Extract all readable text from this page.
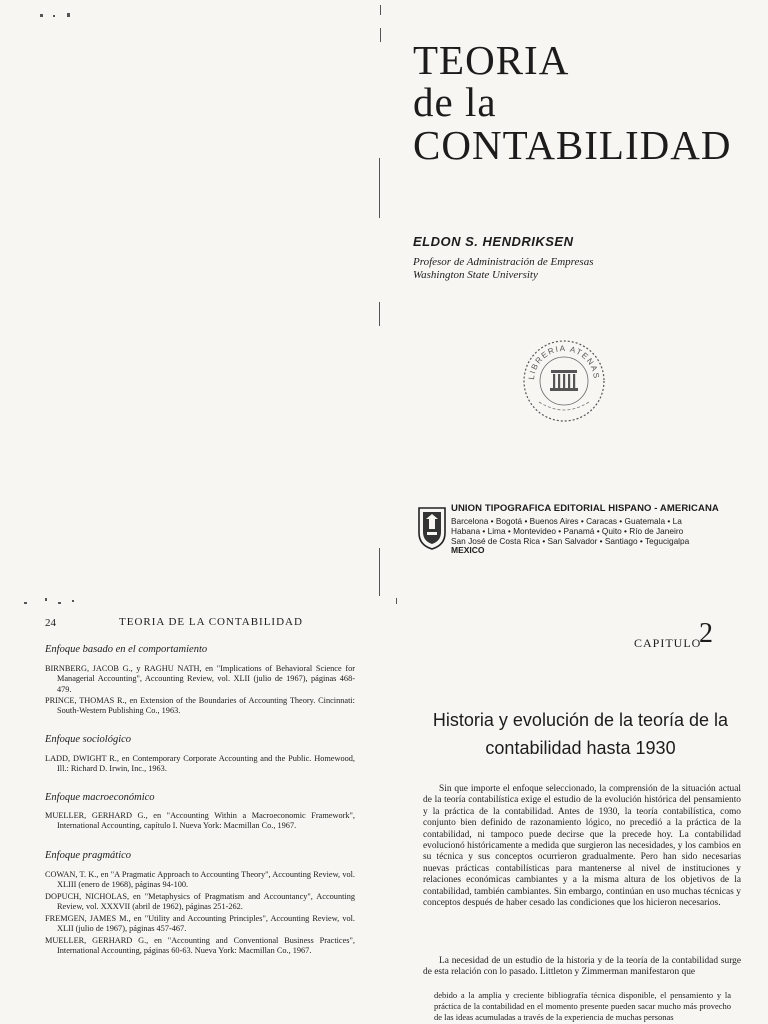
TEORIA
de la
CONTABILIDAD
ELDON S. HENDRIKSEN
Profesor de Administración de Empresas
Washington State University
LIBRERIA ATENAS
UNION TIPOGRAFICA EDITORIAL HISPANO - AMERICANA
Barcelona • Bogotá • Buenos Aires • Caracas • Guatemala • La
Habana • Lima • Montevideo • Panamá • Quito • Río de Janeiro
San José de Costa Rica • San Salvador • Santiago • Tegucigalpa
MEXICO
24	TEORIA DE LA CONTABILIDAD
Enfoque basado en el comportamiento
BIRNBERG, JACOB G., y RAGHU NATH, en "Implications of Behavioral Science for Managerial Accounting", Accounting Review, vol. XLII (julio de 1967), páginas 468-479.
PRINCE, THOMAS R., en Extension of the Boundaries of Accounting Theory. Cincinnati: South-Western Publishing Co., 1963.
Enfoque sociológico
LADD, DWIGHT R., en Contemporary Corporate Accounting and the Public. Homewood, Ill.: Richard D. Irwin, Inc., 1963.
Enfoque macroeconómico
MUELLER, GERHARD G., en "Accounting Within a Macroeconomic Framework", International Accounting, capítulo I. Nueva York: Macmillan Co., 1967.
Enfoque pragmático
COWAN, T. K., en "A Pragmatic Approach to Accounting Theory", Accounting Review, vol. XLIII (enero de 1968), páginas 94-100.
DOPUCH, NICHOLAS, en "Metaphysics of Pragmatism and Accountancy", Accounting Review, vol. XXXVII (abril de 1962), páginas 251-262.
FREMGEN, JAMES M., en "Utility and Accounting Principles", Accounting Review, vol. XLII (julio de 1967), páginas 457-467.
MUELLER, GERHARD G., en "Accounting and Conventional Business Practices", International Accounting, páginas 60-63. Nueva York: Macmillan Co., 1967.
CAPITULO
2
Historia y evolución de la teoría de la
contabilidad hasta 1930

Sin que importe el enfoque seleccionado, la comprensión de la situación actual de la teoría contabilística exige el estudio de la evolución histórica del pensamiento y la práctica de la contabilidad. Antes de 1930, la teoría contabilística, como conjunto bien definido de razonamiento lógico, no precedió a la práctica de la contabilidad, ni tampoco puede decirse que la precede hoy. La contabilidad evolucionó históricamente a medida que surgieron las necesidades, y los cambios en su técnica y sus conceptos ocurrieron gradualmente. Pero han sido necesarias nuevas prácticas contabilísticas para mantenerse al nivel de instituciones y relaciones económicas cambiantes y a la misma altura de los objetivos de la contabilidad, también cambiantes. Sin embargo, continúan en uso muchas técnicas y conceptos después de haber cesado las condiciones que los hicieron necesarios.

La necesidad de un estudio de la historia y de la teoría de la contabilidad surge de esta relación con lo pasado. Littleton y Zimmerman manifestaron que

debido a la amplia y creciente bibliografía técnica disponible, el pensamiento y la práctica de la contabilidad en el momento presente pueden sacar mucho más provecho de las ideas acumuladas a través de la experiencia de muchas personas
